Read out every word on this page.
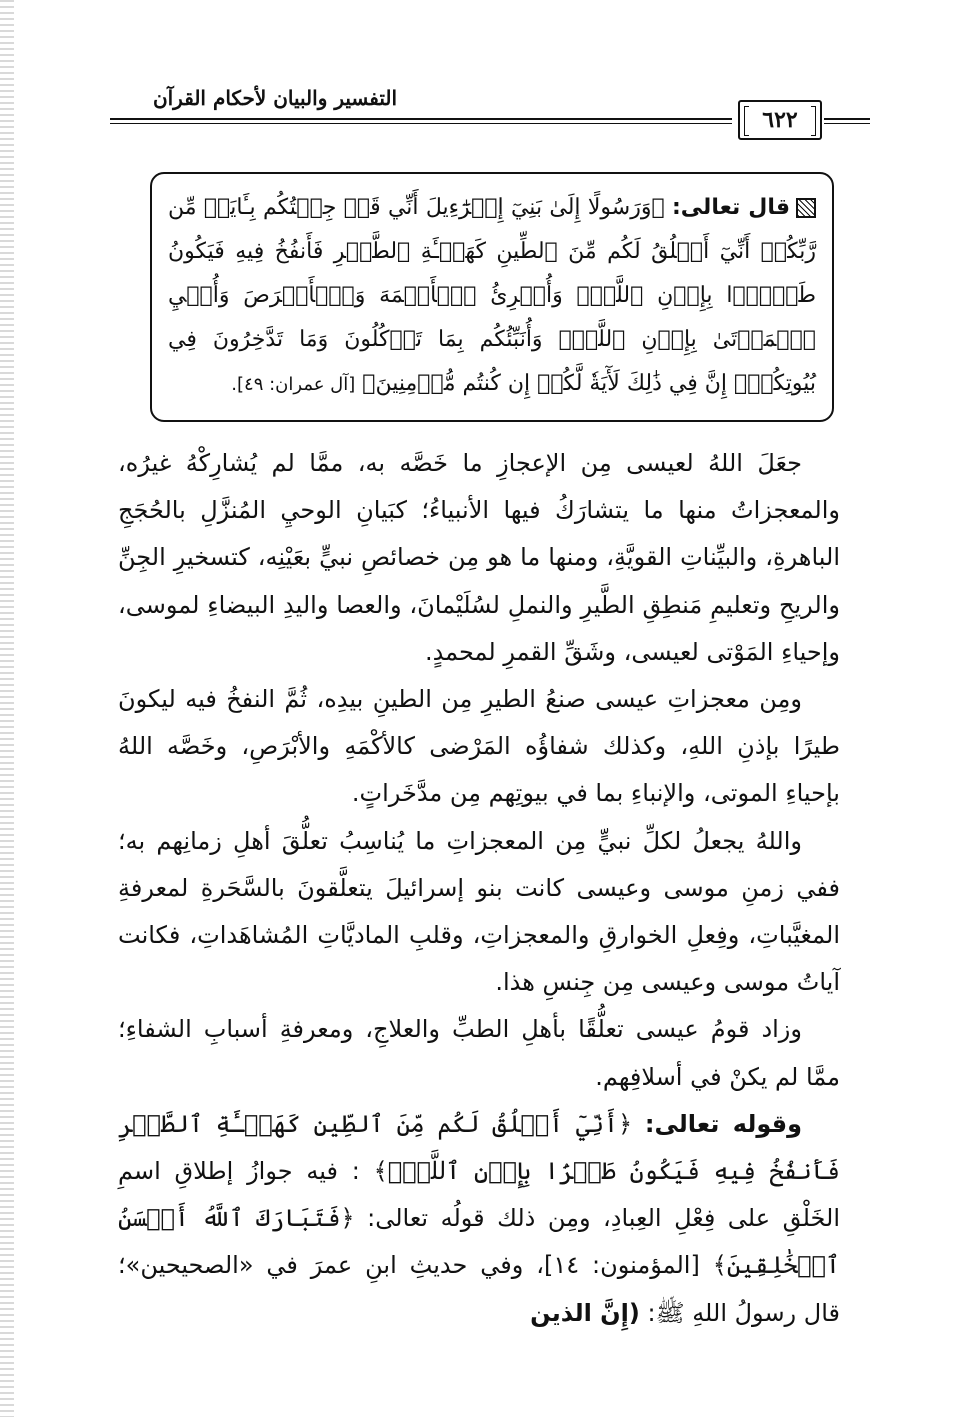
التفسير والبيان لأحكام القرآن
٦٢٢
قال تعالى: ﴿وَرَسُولًا إِلَىٰ بَنِيٓ إِسۡرَٰٓءِيلَ أَنِّي قَدۡ جِئۡتُكُم بِـَٔايَةٖ مِّن رَّبِّكُمۡ أَنِّيٓ أَخۡلُقُ لَكُم مِّنَ ٱلطِّينِ كَهَيۡـَٔةِ ٱلطَّيۡرِ فَأَنفُخُ فِيهِ فَيَكُونُ طَيۡرَۢا بِإِذۡنِ ٱللَّهِۖ وَأُبۡرِئُ ٱلۡأَكۡمَهَ وَٱلۡأَبۡرَصَ وَأُحۡيِ ٱلۡمَوۡتَىٰ بِإِذۡنِ ٱللَّهِۖ وَأُنَبِّئُكُم بِمَا تَأۡكُلُونَ وَمَا تَدَّخِرُونَ فِي بُيُوتِكُمۡۚ إِنَّ فِي ذَٰلِكَ لَأٓيَةٗ لَّكُمۡ إِن كُنتُم مُّؤۡمِنِينَ﴾ [آل عمران: ٤٩].

جعَلَ اللهُ لعيسى مِن الإعجازِ ما خَصَّه به، ممَّا لم يُشارِكْهُ غيرُه، والمعجزاتُ منها ما يتشارَكُ فيها الأنبياءُ؛ كبَيانِ الوحيِ المُنزَّلِ بالحُجَجِ الباهرةِ، والبيِّناتِ القويَّةِ، ومنها ما هو مِن خصائصِ نبيٍّ بعَيْنِه، كتسخيرِ الجِنِّ والريحِ وتعليمِ مَنطِقِ الطَّيرِ والنملِ لسُلَيْمانَ، والعصا واليدِ البيضاءِ لموسى، وإحياءِ المَوْتى لعيسى، وشَقِّ القمرِ لمحمدٍ.

ومِن معجزاتِ عيسى صنعُ الطيرِ مِن الطينِ بيدِه، ثُمَّ النفخُ فيه ليكونَ طيرًا بإذنِ اللهِ، وكذلك شفاؤُه المَرْضى كالأكْمَهِ والأبْرَصِ، وخَصَّه اللهُ بإحياءِ الموتى، والإنباءِ بما في بيوتِهم مِن مدَّخَراتٍ.

واللهُ يجعلُ لكلِّ نبيٍّ مِن المعجزاتِ ما يُناسِبُ تعلُّقَ أهلِ زمانِهم به؛ ففي زمنِ موسى وعيسى كانت بنو إسرائيلَ يتعلَّقونَ بالسَّحَرةِ لمعرفةِ المغيَّباتِ، وفِعلِ الخوارقِ والمعجزاتِ، وقلبِ الماديَّاتِ المُشاهَداتِ، فكانت آياتُ موسى وعيسى مِن جِنسِ هذا.

وزاد قومُ عيسى تعلُّقًا بأهلِ الطبِّ والعلاجِ، ومعرفةِ أسبابِ الشفاءِ؛ ممَّا لم يكنْ في أسلافِهم.

وقوله تعالى: ﴿أَنِّيٓ أَخۡلُقُ لَكُم مِّنَ ٱلطِّينِ كَهَيۡـَٔةِ ٱلطَّيۡرِ فَأَنفُخُ فِيهِ فَيَكُونُ طَيۡرَۢا بِإِذۡنِ ٱللَّهِۖ﴾ : فيه جوازُ إطلاقِ اسمِ الخَلْقِ على فِعْلِ العِبادِ، ومِن ذلك قولُه تعالى: ﴿فَتَبَارَكَ ٱللَّهُ أَحۡسَنُ ٱلۡخَٰلِقِينَ﴾ [المؤمنون: ١٤]، وفي حديثِ ابنِ عمرَ في «الصحيحين»؛ قال رسولُ اللهِ ﷺ: (إِنَّ الذين
